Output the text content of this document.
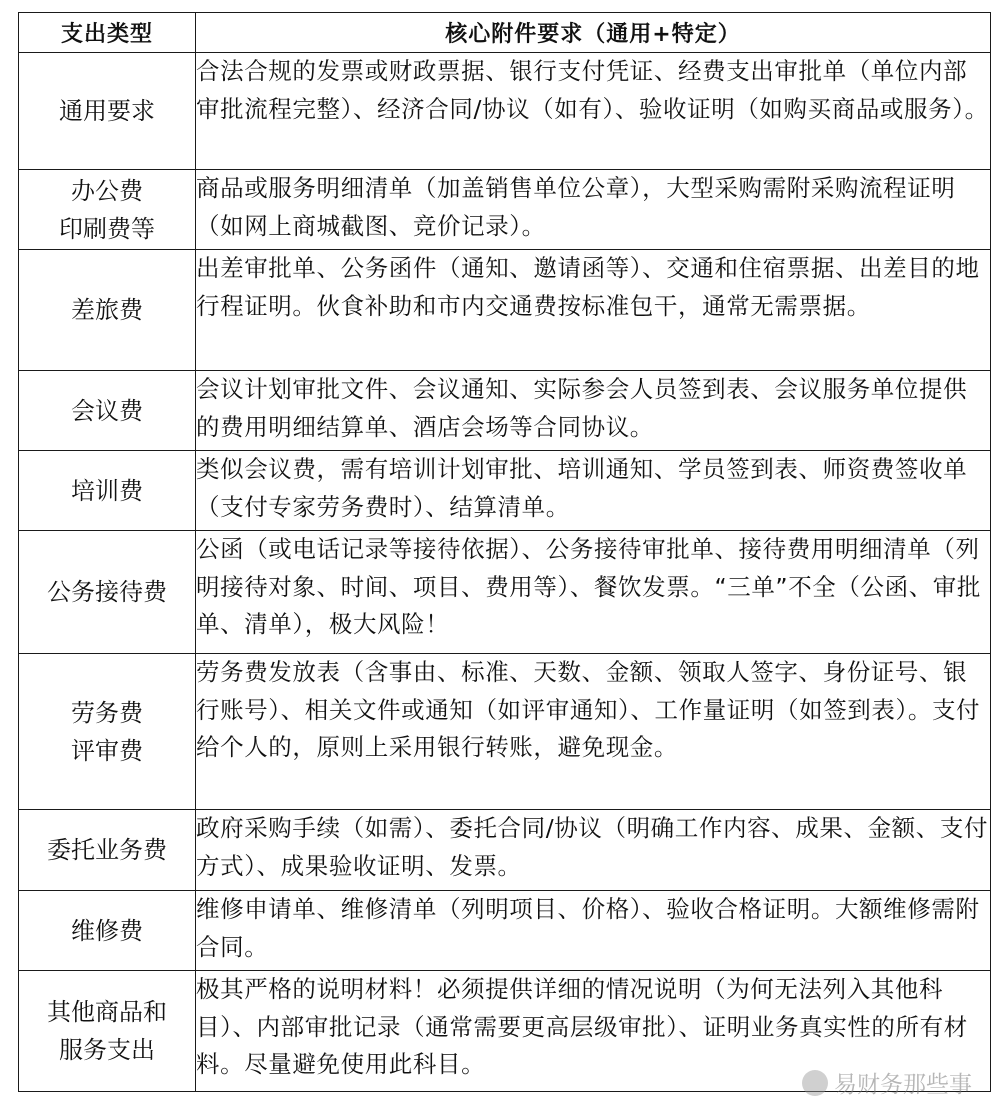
支出类型	核心附件要求（通用+特定）
通用要求	合法合规的发票或财政票据、银行支付凭证、经费支出审批单（单位内部审批流程完整）、经济合同/协议（如有）、验收证明（如购买商品或服务）。
办公费
印刷费等	商品或服务明细清单（加盖销售单位公章），大型采购需附采购流程证明（如网上商城截图、竞价记录）。
差旅费	出差审批单、公务函件（通知、邀请函等）、交通和住宿票据、出差目的地行程证明。伙食补助和市内交通费按标准包干，通常无需票据。
会议费	会议计划审批文件、会议通知、实际参会人员签到表、会议服务单位提供的费用明细结算单、酒店会场等合同协议。
培训费	类似会议费，需有培训计划审批、培训通知、学员签到表、师资费签收单（支付专家劳务费时）、结算清单。
公务接待费	公函（或电话记录等接待依据）、公务接待审批单、接待费用明细清单（列明接待对象、时间、项目、费用等）、餐饮发票。“三单”不全（公函、审批单、清单），极大风险！
劳务费
评审费	劳务费发放表（含事由、标准、天数、金额、领取人签字、身份证号、银行账号）、相关文件或通知（如评审通知）、工作量证明（如签到表）。支付给个人的，原则上采用银行转账，避免现金。
委托业务费	政府采购手续（如需）、委托合同/协议（明确工作内容、成果、金额、支付方式）、成果验收证明、发票。
维修费	维修申请单、维修清单（列明项目、价格）、验收合格证明。大额维修需附合同。
其他商品和
服务支出	极其严格的说明材料！必须提供详细的情况说明（为何无法列入其他科目）、内部审批记录（通常需要更高层级审批）、证明业务真实性的所有材料。尽量避免使用此科目。
易财务那些事
